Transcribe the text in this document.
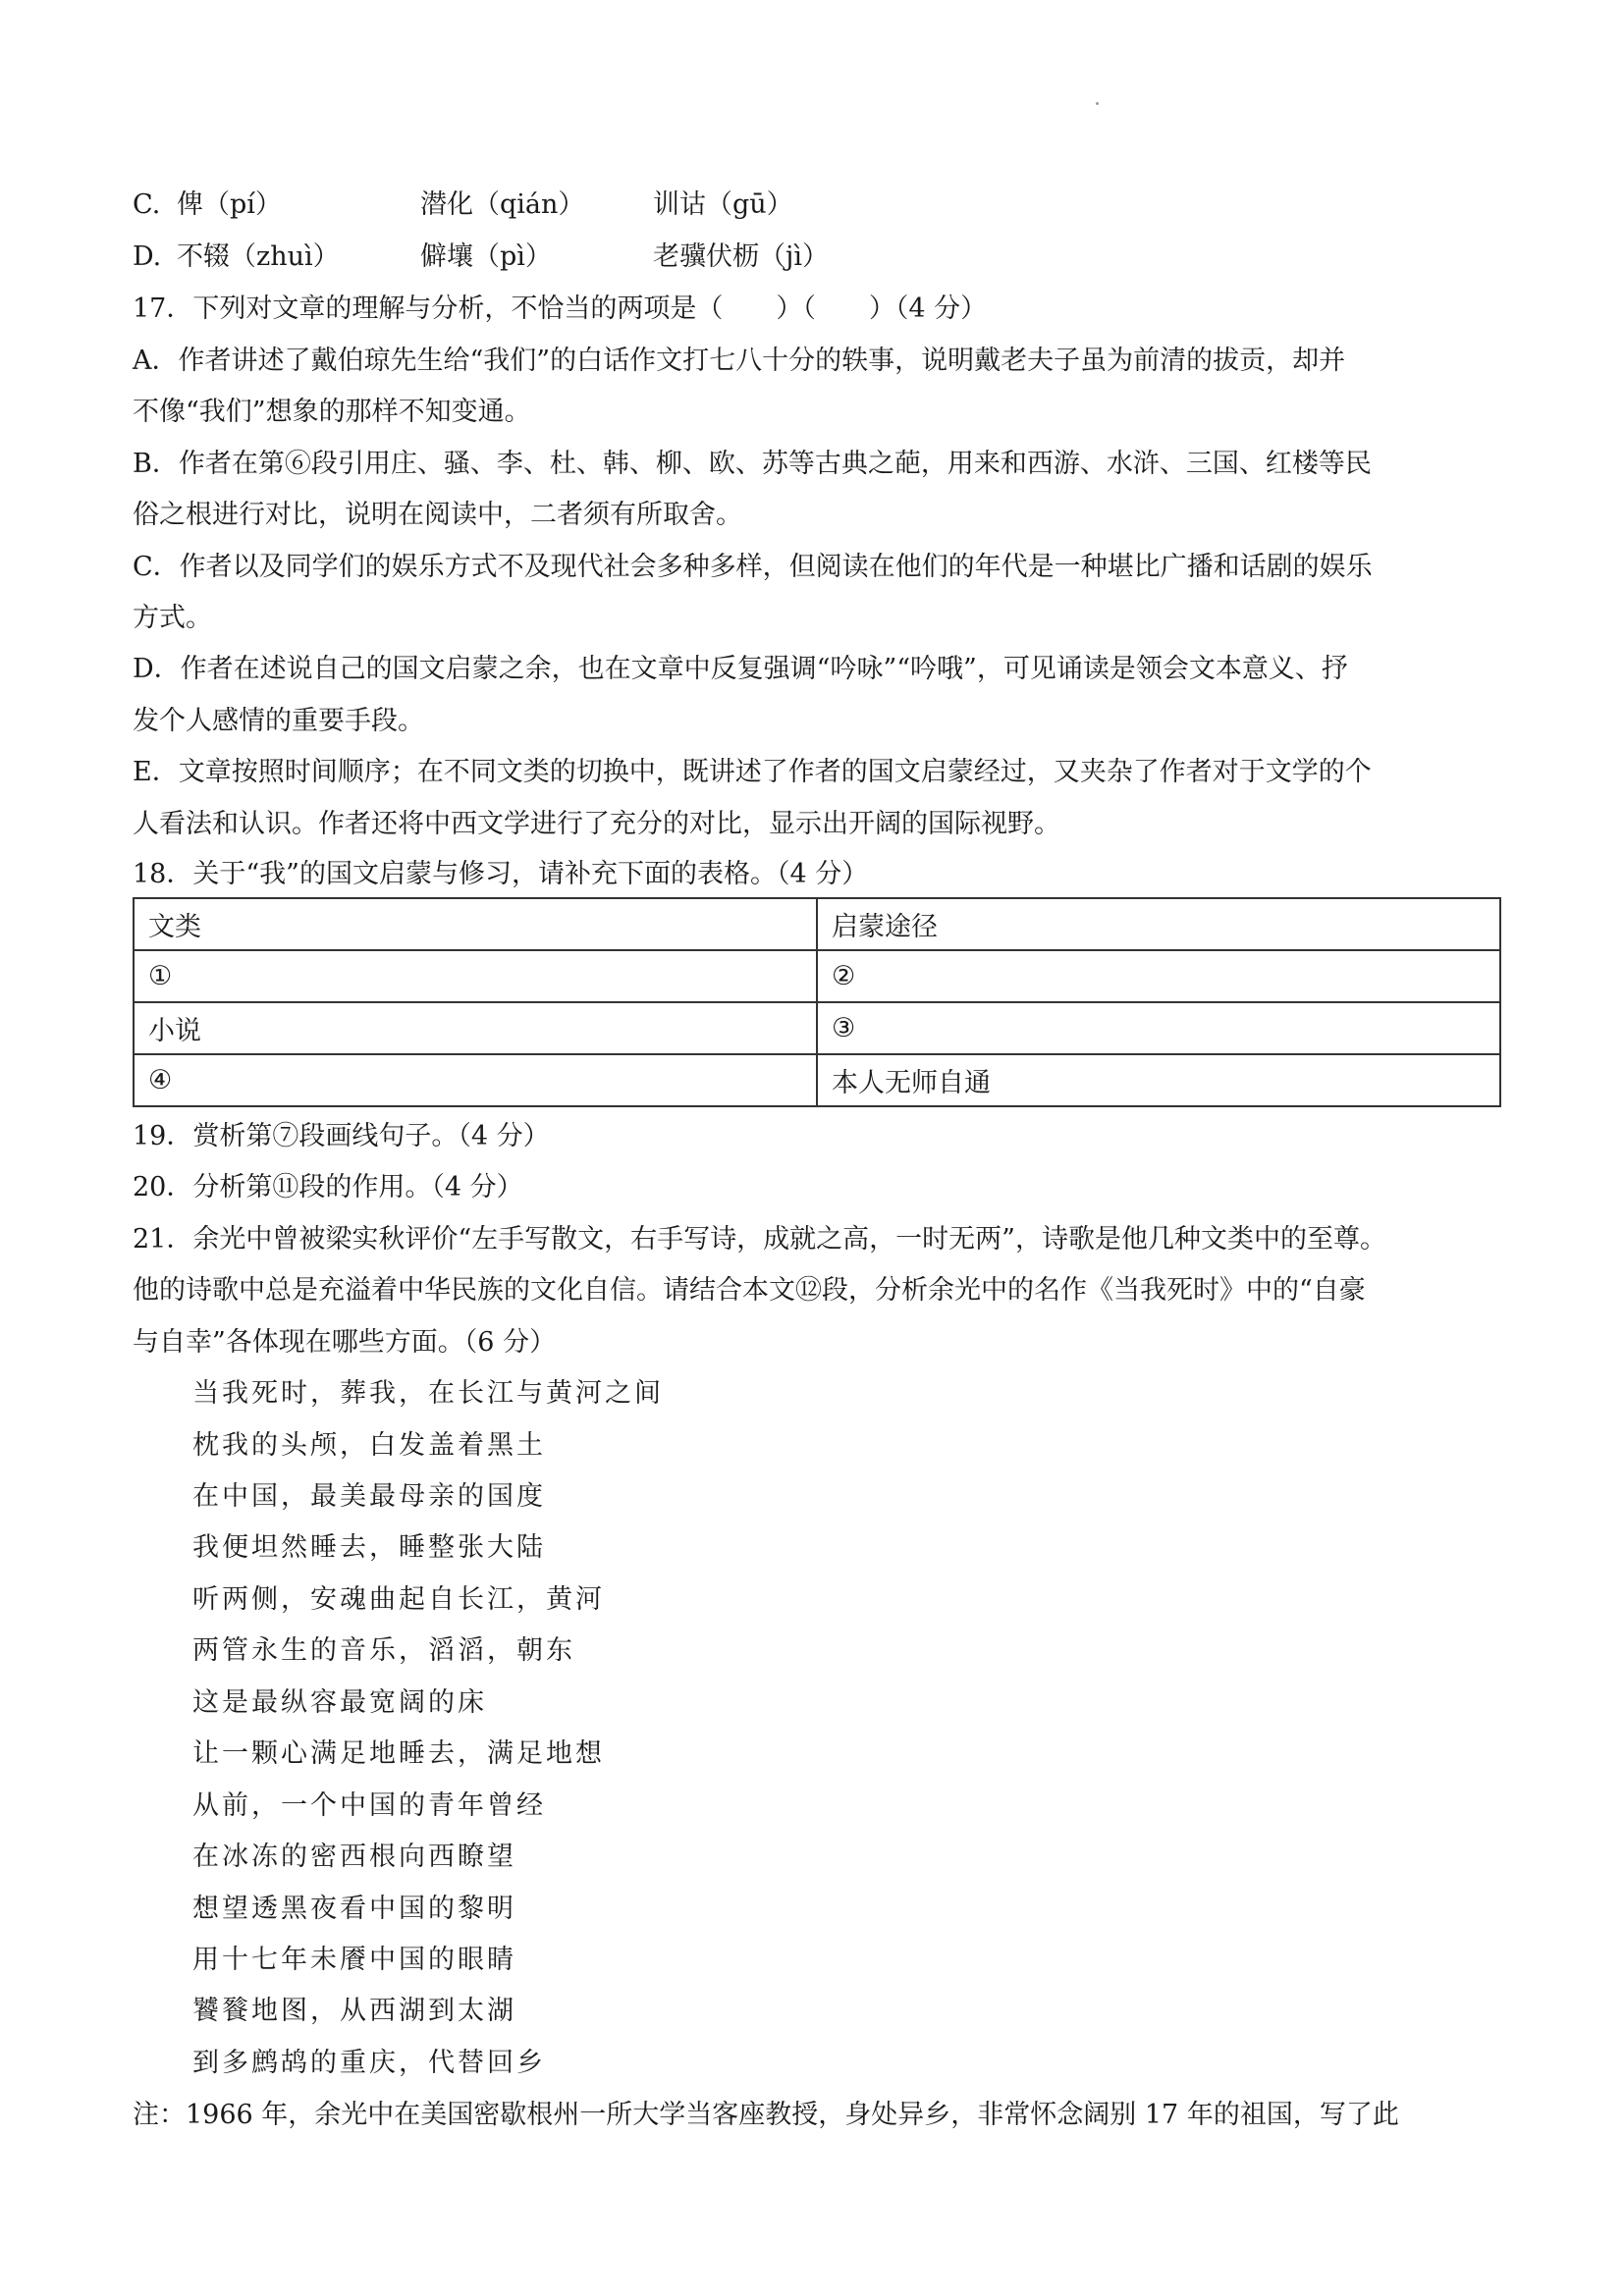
C. 俾（pí）	潜化（qián）	训诂（gū）
D. 不辍（zhuì）	僻壤（pì）	老骥伏枥（jì）
17．下列对文章的理解与分析，不恰当的两项是（　　）（　　）（4 分）
A．作者讲述了戴伯琼先生给“我们”的白话作文打七八十分的轶事，说明戴老夫子虽为前清的拔贡，却并
不像“我们”想象的那样不知变通。
B．作者在第⑥段引用庄、骚、李、杜、韩、柳、欧、苏等古典之葩，用来和西游、水浒、三国、红楼等民
俗之根进行对比，说明在阅读中，二者须有所取舍。
C．作者以及同学们的娱乐方式不及现代社会多种多样，但阅读在他们的年代是一种堪比广播和话剧的娱乐
方式。
D．作者在述说自己的国文启蒙之余，也在文章中反复强调“吟咏”“吟哦”，可见诵读是领会文本意义、抒
发个人感情的重要手段。
E．文章按照时间顺序；在不同文类的切换中，既讲述了作者的国文启蒙经过，又夹杂了作者对于文学的个
人看法和认识。作者还将中西文学进行了充分的对比，显示出开阔的国际视野。
18．关于“我”的国文启蒙与修习，请补充下面的表格。（4 分）
文类	启蒙途径
①	②
小说	③
④	本人无师自通
19．赏析第⑦段画线句子。（4 分）
20．分析第⑪段的作用。（4 分）
21．余光中曾被梁实秋评价“左手写散文，右手写诗，成就之高，一时无两”，诗歌是他几种文类中的至尊。
他的诗歌中总是充溢着中华民族的文化自信。请结合本文⑫段，分析余光中的名作《当我死时》中的“自豪
与自幸”各体现在哪些方面。（6 分）
当我死时，葬我，在长江与黄河之间
枕我的头颅，白发盖着黑土
在中国，最美最母亲的国度
我便坦然睡去，睡整张大陆
听两侧，安魂曲起自长江，黄河
两管永生的音乐，滔滔，朝东
这是最纵容最宽阔的床
让一颗心满足地睡去，满足地想
从前，一个中国的青年曾经
在冰冻的密西根向西瞭望
想望透黑夜看中国的黎明
用十七年未餍中国的眼睛
饕餮地图，从西湖到太湖
到多鹧鸪的重庆，代替回乡
注：1966 年，余光中在美国密歇根州一所大学当客座教授，身处异乡，非常怀念阔别 17 年的祖国，写了此
